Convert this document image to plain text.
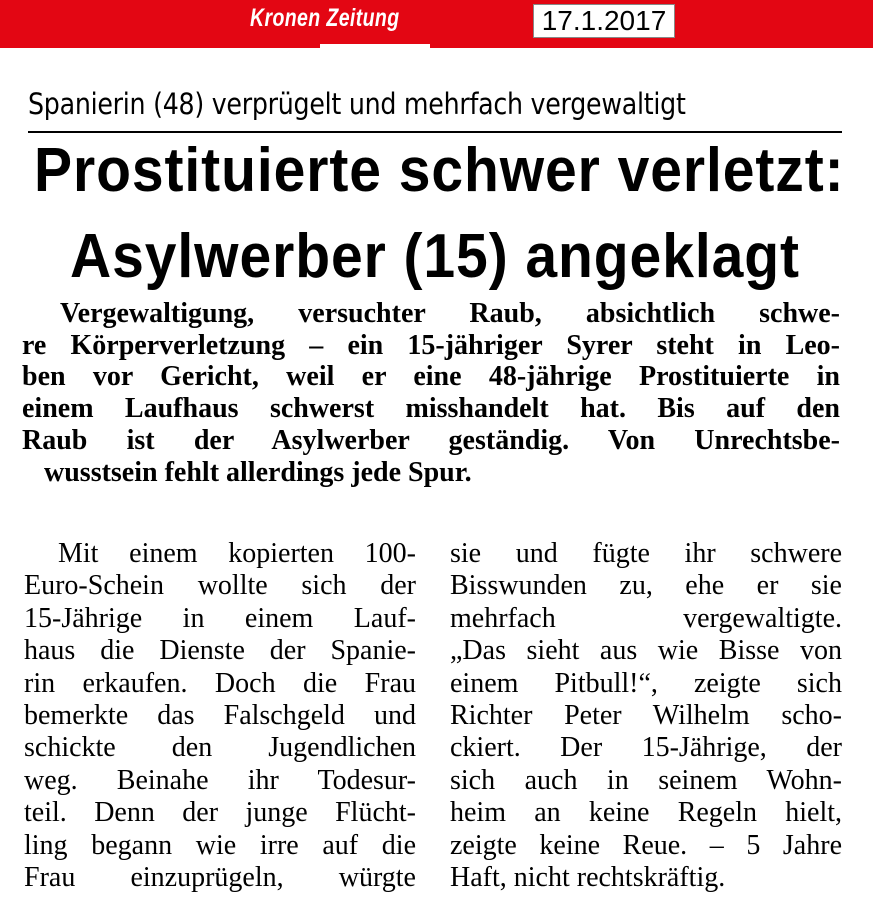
Kronen Zeitung	17.1.2017
Spanierin (48) verprügelt und mehrfach vergewaltigt
Prostituierte schwer verletzt:
Asylwerber (15) angeklagt
Vergewaltigung, versuchter Raub, absichtlich schwe-
re Körperverletzung – ein 15-jähriger Syrer steht in Leo-
ben vor Gericht, weil er eine 48-jährige Prostituierte in
einem Laufhaus schwerst misshandelt hat. Bis auf den
Raub ist der Asylwerber geständig. Von Unrechtsbe-
wusstsein fehlt allerdings jede Spur.
Mit einem kopierten 100-
Euro-Schein wollte sich der
15-Jährige in einem Lauf-
haus die Dienste der Spanie-
rin erkaufen. Doch die Frau
bemerkte das Falschgeld und
schickte den Jugendlichen
weg. Beinahe ihr Todesur-
teil. Denn der junge Flücht-
ling begann wie irre auf die
Frau einzuprügeln, würgte
sie und fügte ihr schwere
Bisswunden zu, ehe er sie
mehrfach vergewaltigte.
„Das sieht aus wie Bisse von
einem Pitbull!“, zeigte sich
Richter Peter Wilhelm scho-
ckiert. Der 15-Jährige, der
sich auch in seinem Wohn-
heim an keine Regeln hielt,
zeigte keine Reue. – 5 Jahre
Haft, nicht rechtskräftig.
